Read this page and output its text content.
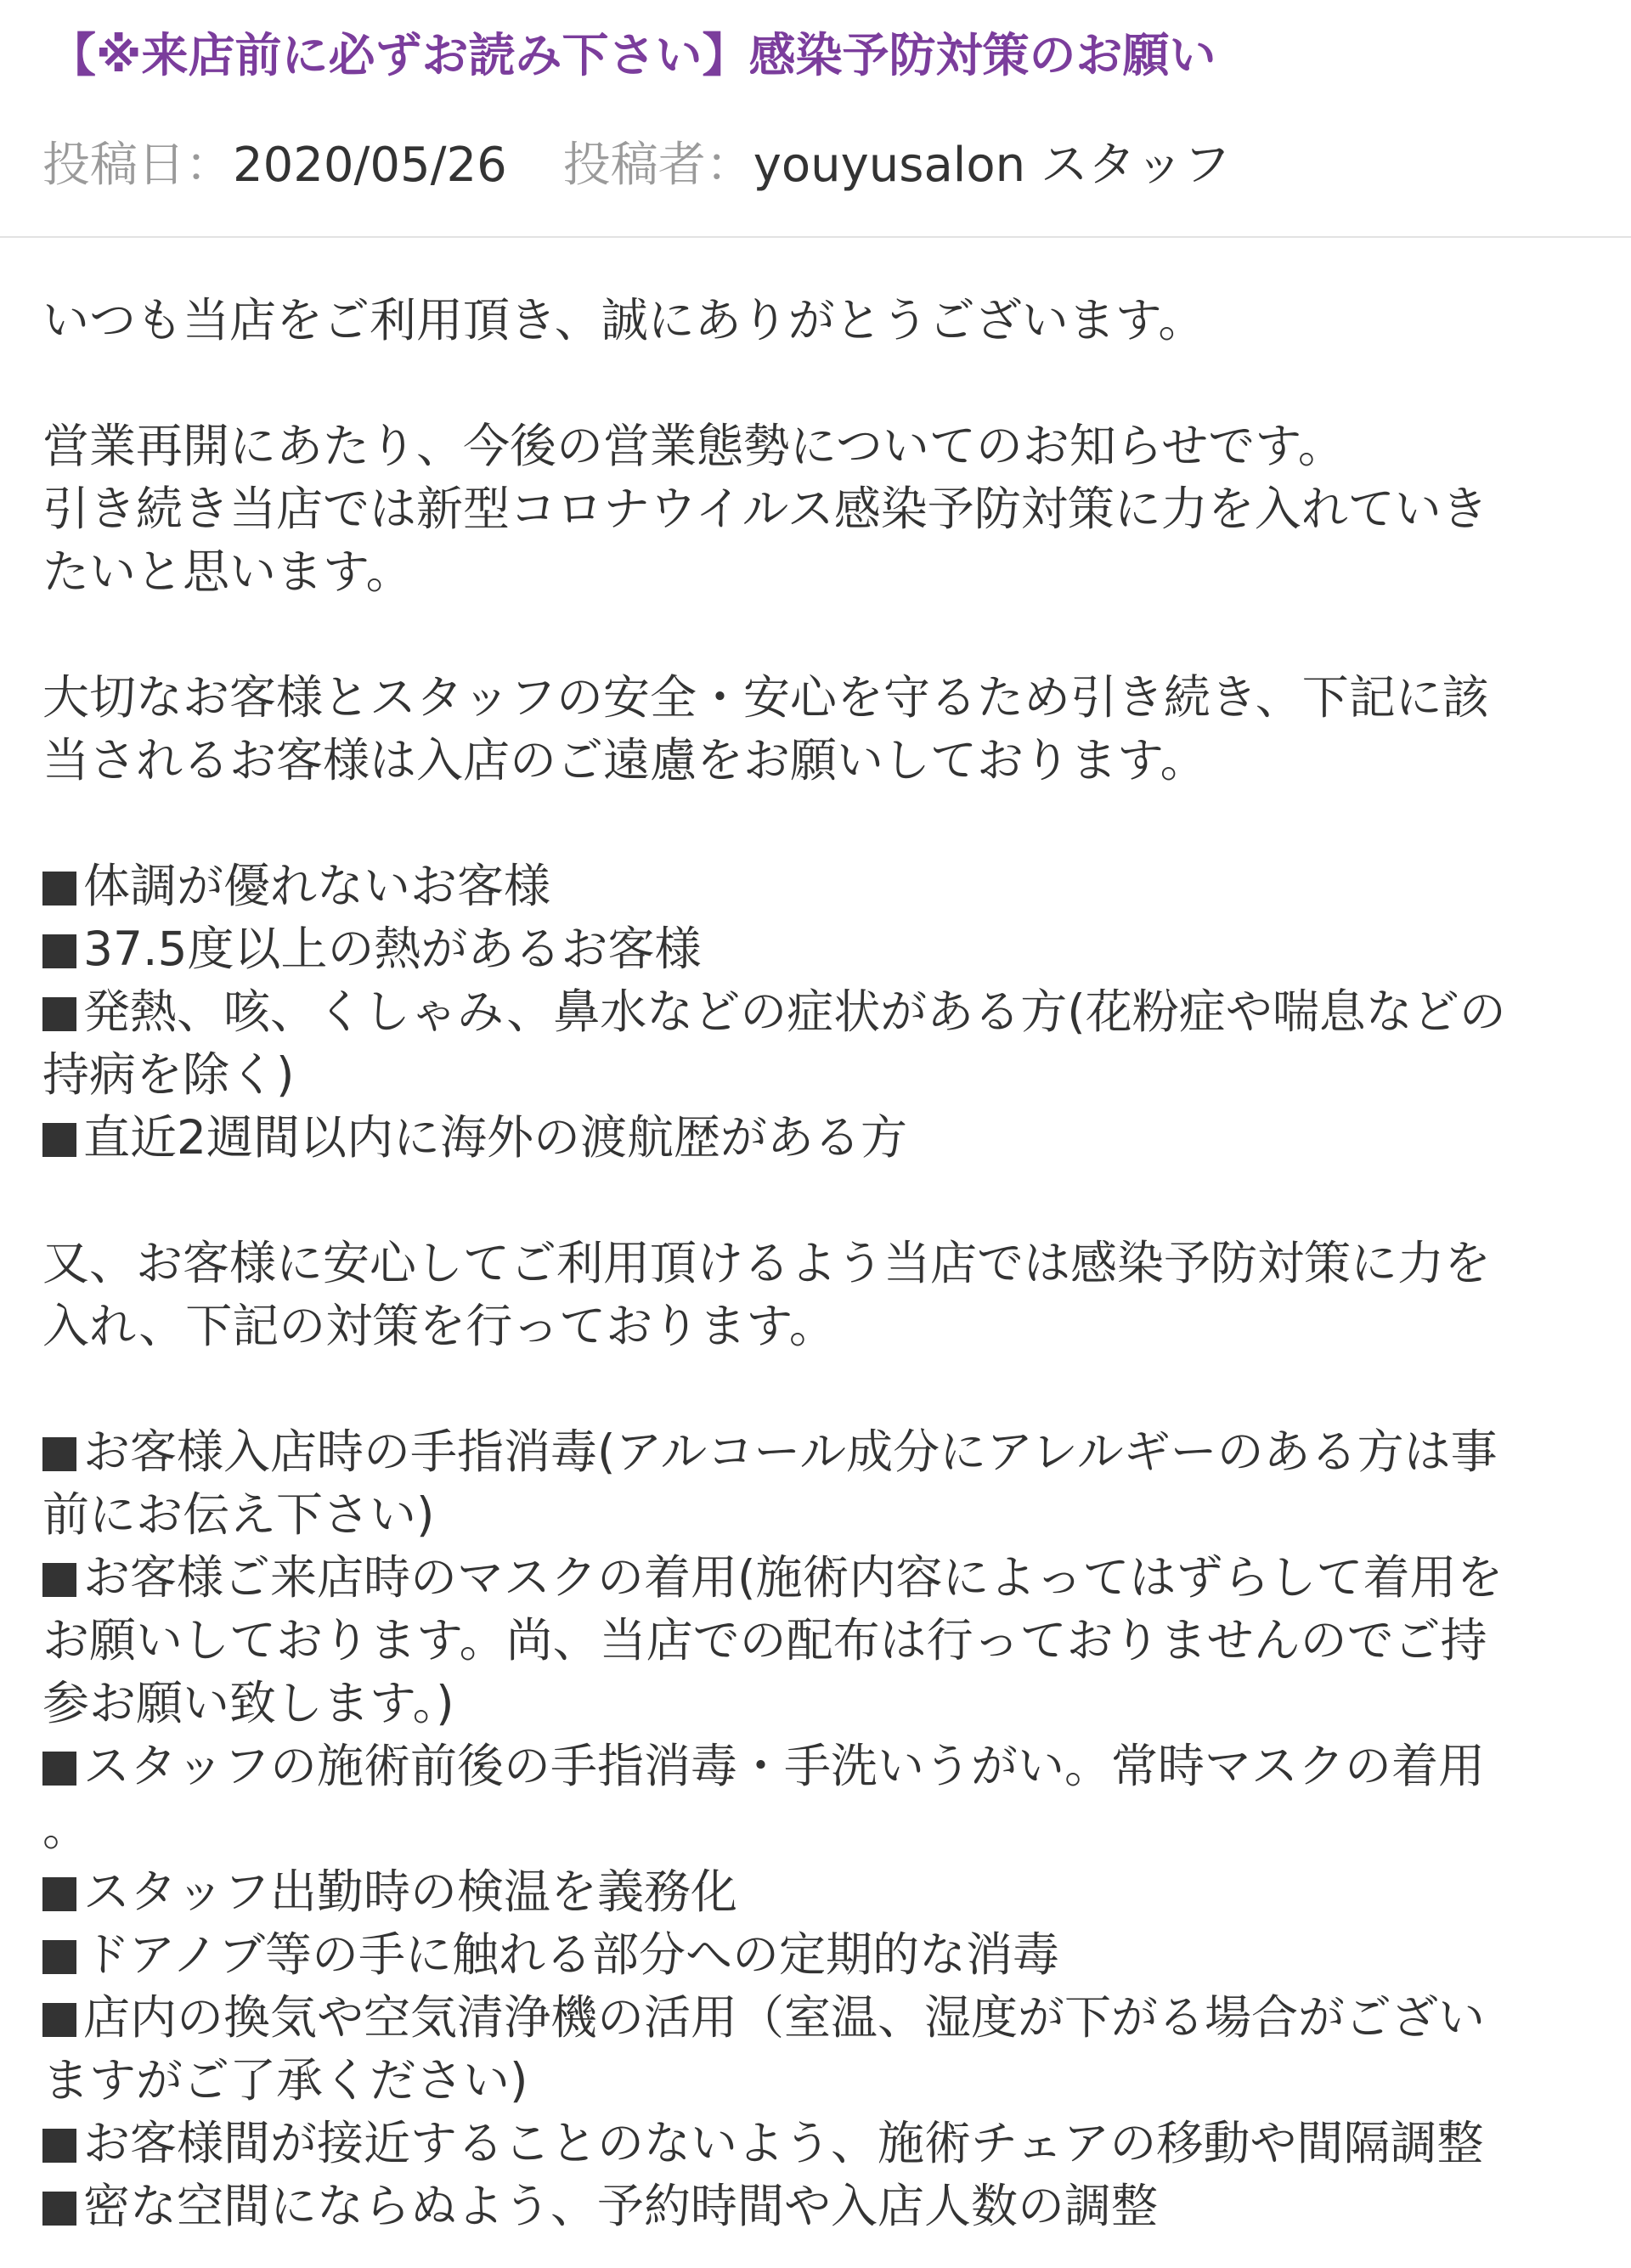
【※来店前に必ずお読み下さい】感染予防対策のお願い
投稿日：2020/05/26 投稿者：youyusalon スタッフ

いつも当店をご利用頂き、誠にありがとうございます。

営業再開にあたり、今後の営業態勢についてのお知らせです。

引き続き当店では新型コロナウイルス感染予防対策に力を入れていき

たいと思います。

大切なお客様とスタッフの安全・安心を守るため引き続き、下記に該

当されるお客様は入店のご遠慮をお願いしております。

体調が優れないお客様

37.5度以上の熱があるお客様

発熱、咳、くしゃみ、鼻水などの症状がある方(花粉症や喘息などの

持病を除く)

直近2週間以内に海外の渡航歴がある方

又、お客様に安心してご利用頂けるよう当店では感染予防対策に力を

入れ、下記の対策を行っております。

お客様入店時の手指消毒(アルコール成分にアレルギーのある方は事

前にお伝え下さい)

お客様ご来店時のマスクの着用(施術内容によってはずらして着用を

お願いしております。尚、当店での配布は行っておりませんのでご持

参お願い致します。)

スタッフの施術前後の手指消毒・手洗いうがい。常時マスクの着用

。

スタッフ出勤時の検温を義務化

ドアノブ等の手に触れる部分への定期的な消毒

店内の換気や空気清浄機の活用（室温、湿度が下がる場合がござい

ますがご了承ください)

お客様間が接近することのないよう、施術チェアの移動や間隔調整

密な空間にならぬよう、予約時間や入店人数の調整
